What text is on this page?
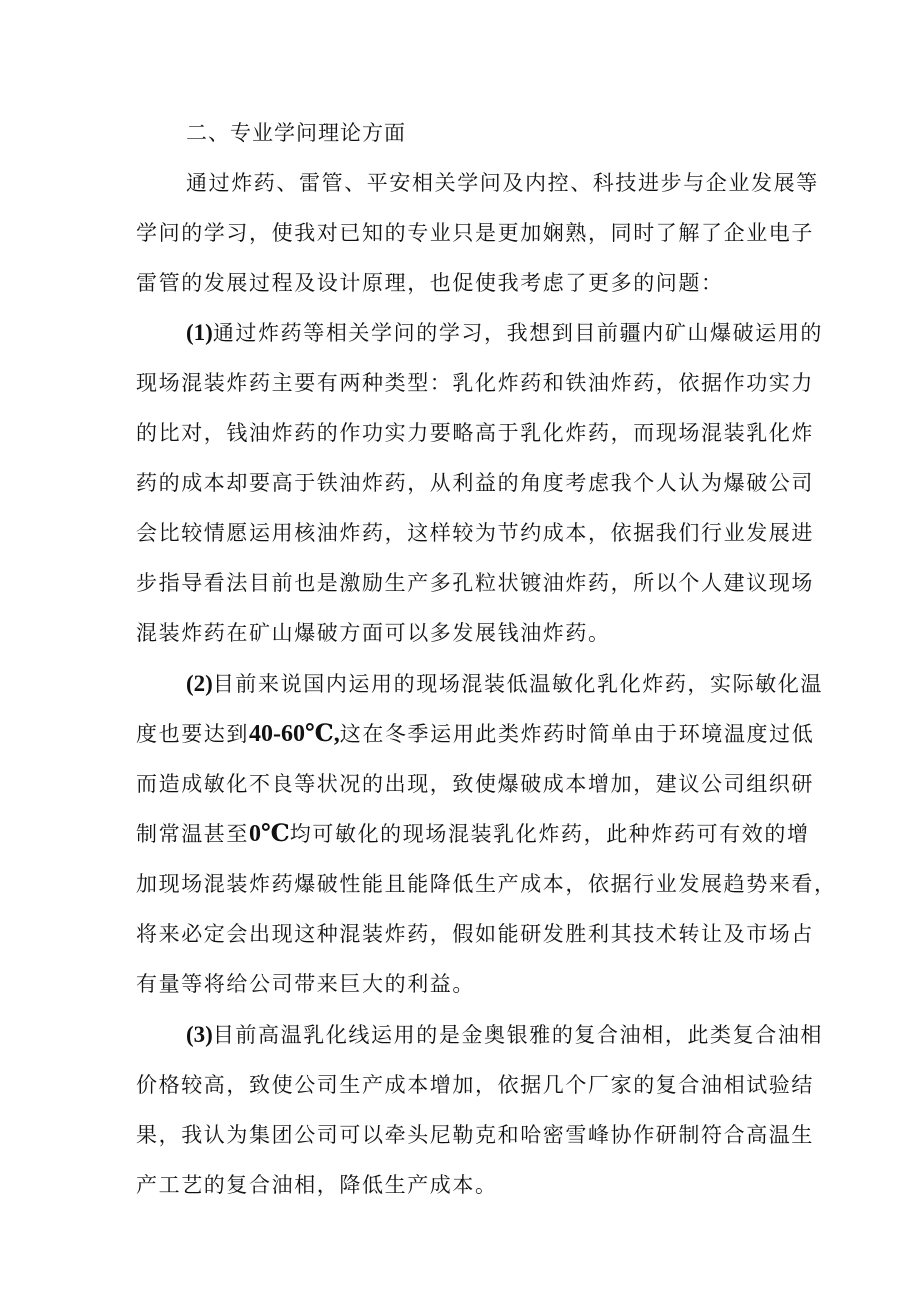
二、专业学问理论方面
通过炸药、雷管、平安相关学问及内控、科技进步与企业发展等
学问的学习，使我对已知的专业只是更加娴熟，同时了解了企业电子
雷管的发展过程及设计原理，也促使我考虑了更多的问题：
(1)通过炸药等相关学问的学习，我想到目前疆内矿山爆破运用的
现场混装炸药主要有两种类型：乳化炸药和铁油炸药，依据作功实力
的比对，钱油炸药的作功实力要略高于乳化炸药，而现场混装乳化炸
药的成本却要高于铁油炸药，从利益的角度考虑我个人认为爆破公司
会比较情愿运用核油炸药，这样较为节约成本，依据我们行业发展进
步指导看法目前也是激励生产多孔粒状镀油炸药，所以个人建议现场
混装炸药在矿山爆破方面可以多发展钱油炸药。
(2)目前来说国内运用的现场混装低温敏化乳化炸药，实际敏化温
度也要达到40-60℃,这在冬季运用此类炸药时简单由于环境温度过低
而造成敏化不良等状况的出现，致使爆破成本增加，建议公司组织研
制常温甚至0℃均可敏化的现场混装乳化炸药，此种炸药可有效的增
加现场混装炸药爆破性能且能降低生产成本，依据行业发展趋势来看，
将来必定会出现这种混装炸药，假如能研发胜利其技术转让及市场占
有量等将给公司带来巨大的利益。
(3)目前高温乳化线运用的是金奥银雅的复合油相，此类复合油相
价格较高，致使公司生产成本增加，依据几个厂家的复合油相试验结
果，我认为集团公司可以牵头尼勒克和哈密雪峰协作研制符合高温生
产工艺的复合油相，降低生产成本。
